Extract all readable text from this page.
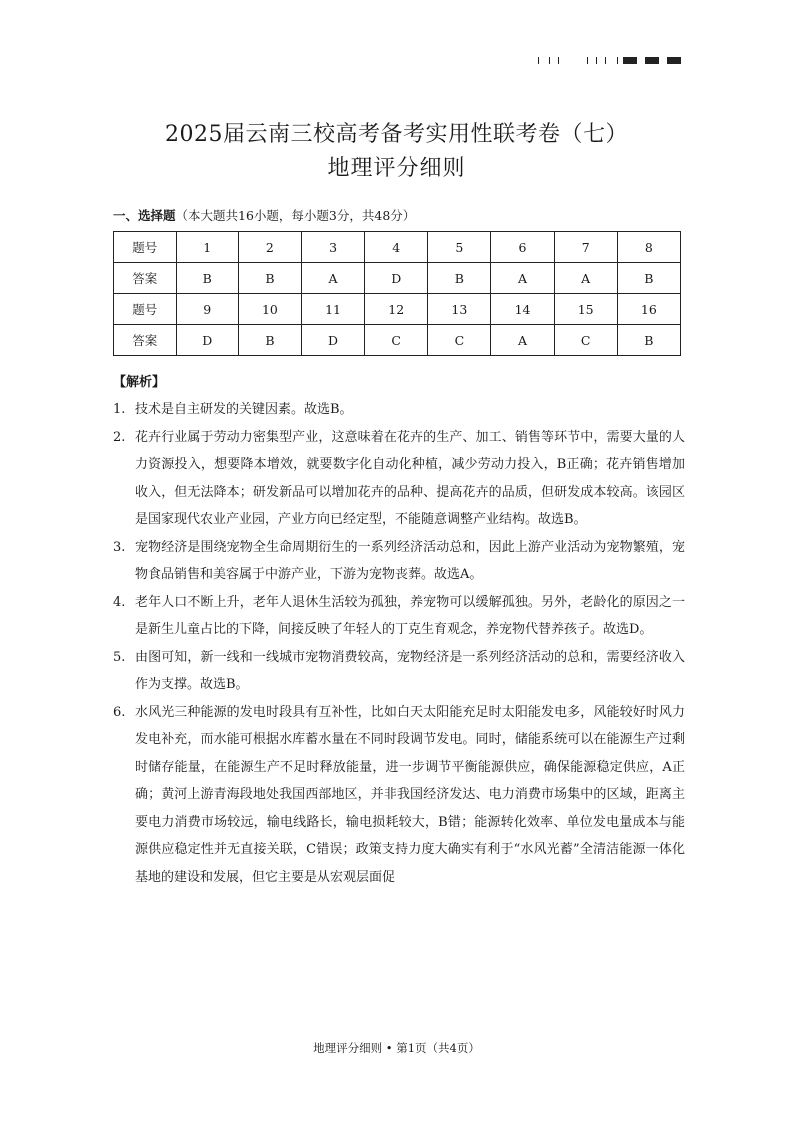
2025届云南三校高考备考实用性联考卷（七）
地理评分细则
一、选择题（本大题共16小题，每小题3分，共48分）
题号	1	2	3	4	5	6	7	8
答案	B	B	A	D	B	A	A	B
题号	9	10	11	12	13	14	15	16
答案	D	B	D	C	C	A	C	B
【解析】
1. 技术是自主研发的关键因素。故选B。
2. 花卉行业属于劳动力密集型产业，这意味着在花卉的生产、加工、销售等环节中，需要大量的人力资源投入，想要降本增效，就要数字化自动化种植，减少劳动力投入，B正确；花卉销售增加收入，但无法降本；研发新品可以增加花卉的品种、提高花卉的品质，但研发成本较高。该园区是国家现代农业产业园，产业方向已经定型，不能随意调整产业结构。故选B。
3. 宠物经济是围绕宠物全生命周期衍生的一系列经济活动总和，因此上游产业活动为宠物繁殖，宠物食品销售和美容属于中游产业，下游为宠物丧葬。故选A。
4. 老年人口不断上升，老年人退休生活较为孤独，养宠物可以缓解孤独。另外，老龄化的原因之一是新生儿童占比的下降，间接反映了年轻人的丁克生育观念，养宠物代替养孩子。故选D。
5. 由图可知，新一线和一线城市宠物消费较高，宠物经济是一系列经济活动的总和，需要经济收入作为支撑。故选B。
6. 水风光三种能源的发电时段具有互补性，比如白天太阳能充足时太阳能发电多，风能较好时风力发电补充，而水能可根据水库蓄水量在不同时段调节发电。同时，储能系统可以在能源生产过剩时储存能量，在能源生产不足时释放能量，进一步调节平衡能源供应，确保能源稳定供应，A正确；黄河上游青海段地处我国西部地区，并非我国经济发达、电力消费市场集中的区域，距离主要电力消费市场较远，输电线路长，输电损耗较大，B错；能源转化效率、单位发电量成本与能源供应稳定性并无直接关联，C错误；政策支持力度大确实有利于“水风光蓄”全清洁能源一体化基地的建设和发展，但它主要是从宏观层面促
地理评分细则 • 第1页（共4页）
